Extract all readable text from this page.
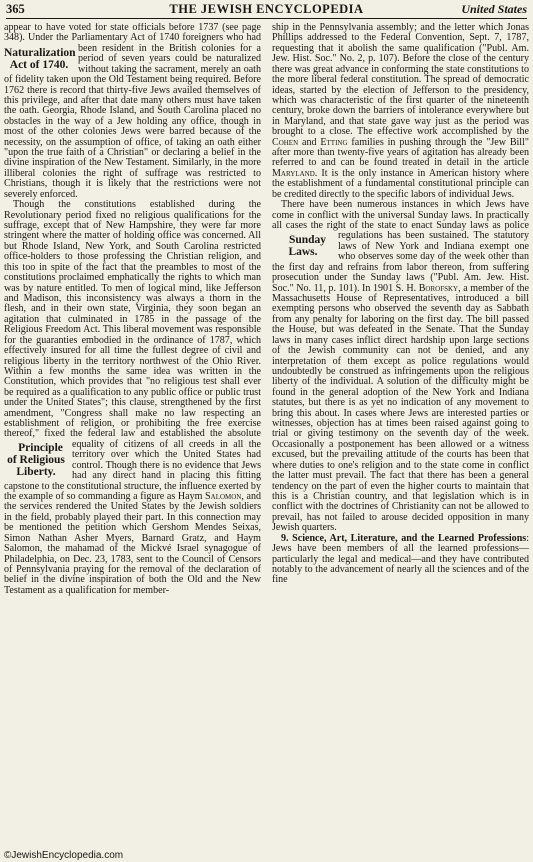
365	THE JEWISH ENCYCLOPEDIA	United States

appear to have voted for state officials before 1737 (see page 348). Under the Parliamentary Act of 1740 foreigners who had been resident in the
Naturalization Act of 1740.
British colonies for a period of seven years could be naturalized without taking the sacrament, merely an oath of fidelity taken upon the Old Testament being required. Before 1762 there is record that thirty-five Jews availed themselves of this privilege, and after that date many others must have taken the oath. Georgia, Rhode Island, and South Carolina placed no obstacles in the way of a Jew holding any office, though in most of the other colonies Jews were barred because of the necessity, on the assumption of office, of taking an oath either "upon the true faith of a Christian" or declaring a belief in the divine inspiration of the New Testament. Similarly, in the more illiberal colonies the right of suffrage was restricted to Christians, though it is likely that the restrictions were not severely enforced.

Though the constitutions established during the Revolutionary period fixed no religious qualifications for the suffrage, except that of New Hampshire, they were far more stringent where the matter of holding office was concerned. All but Rhode Island, New York, and South Carolina restricted office-holders to those professing the Christian religion, and this too in spite of the fact that the preambles to most of the constitutions proclaimed emphatically the rights to which man was by nature entitled. To men of logical mind, like Jefferson and Madison, this inconsistency was always a thorn in the flesh, and in their own state, Virginia, they soon began an agitation that culminated in 1785 in the passage of the Religious Freedom Act. This liberal movement was responsible for the guaranties embodied in the ordinance of 1787, which effectively insured for all time the fullest degree of civil and religious liberty in the territory northwest of the Ohio River. Within a few months the same idea was written in the Constitution, which provides that "no religious test shall ever be required as a qualification to any public office or public trust under the United States"; this clause, strengthened by the first amendment, "Congress shall make no law respecting an establishment of religion, or prohibiting the free exercise thereof," fixed the federal law and established the absolute equality of citizens of all creeds in all the
Principle of Religious Liberty.
territory over which the United States had control. Though there is no evidence that Jews had any direct hand in placing this fitting capstone to the constitutional structure, the influence exerted by the example of so commanding a figure as Haym Salomon, and the services rendered the United States by the Jewish soldiers in the field, probably played their part. In this connection may be mentioned the petition which Gershom Mendes Seixas, Simon Nathan Asher Myers, Barnard Gratz, and Haym Salomon, the mahamad of the Mickvé Israel synagogue of Philadelphia, on Dec. 23, 1783, sent to the Council of Censors of Pennsylvania praying for the removal of the declaration of belief in the divine inspiration of both the Old and the New Testament as a qualification for member-

ship in the Pennsylvania assembly; and the letter which Jonas Phillips addressed to the Federal Convention, Sept. 7, 1787, requesting that it abolish the same qualification ("Publ. Am. Jew. Hist. Soc." No. 2, p. 107). Before the close of the century there was great advance in conforming the state constitutions to the more liberal federal constitution. The spread of democratic ideas, started by the election of Jefferson to the presidency, which was characteristic of the first quarter of the nineteenth century, broke down the barriers of intolerance everywhere but in Maryland, and that state gave way just as the period was brought to a close. The effective work accomplished by the Cohen and Etting families in pushing through the "Jew Bill" after more than twenty-five years of agitation has already been referred to and can be found treated in detail in the article Maryland. It is the only instance in American history where the establishment of a fundamental constitutional principle can be credited directly to the specific labors of individual Jews.

There have been numerous instances in which Jews have come in conflict with the universal Sunday laws. In practically all cases the right of the state to enact Sunday laws as police regulations has
Sunday Laws.
been sustained. The statutory laws of New York and Indiana exempt one who observes some day of the week other than the first day and refrains from labor thereon, from suffering prosecution under the Sunday laws ("Publ. Am. Jew. Hist. Soc." No. 11, p. 101). In 1901 S. H. Borofsky, a member of the Massachusetts House of Representatives, introduced a bill exempting persons who observed the seventh day as Sabbath from any penalty for laboring on the first day. The bill passed the House, but was defeated in the Senate. That the Sunday laws in many cases inflict direct hardship upon large sections of the Jewish community can not be denied, and any interpretation of them except as police regulations would undoubtedly be construed as infringements upon the religious liberty of the individual. A solution of the difficulty might be found in the general adoption of the New York and Indiana statutes, but there is as yet no indication of any movement to bring this about. In cases where Jews are interested parties or witnesses, objection has at times been raised against going to trial or giving testimony on the seventh day of the week. Occasionally a postponement has been allowed or a witness excused, but the prevailing attitude of the courts has been that where duties to one's religion and to the state come in conflict the latter must prevail. The fact that there has been a general tendency on the part of even the higher courts to maintain that this is a Christian country, and that legislation which is in conflict with the doctrines of Christianity can not be allowed to prevail, has not failed to arouse decided opposition in many Jewish quarters.

9. Science, Art, Literature, and the Learned Professions: Jews have been members of all the learned professions—particularly the legal and medical—and they have contributed notably to the advancement of nearly all the sciences and of the fine

©JewishEncyclopedia.com
